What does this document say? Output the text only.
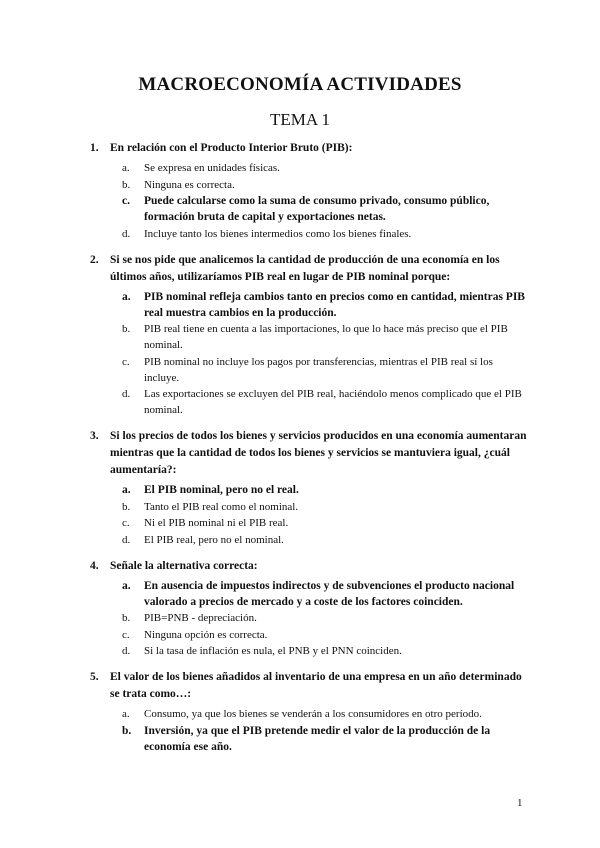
MACROECONOMÍA ACTIVIDADES
TEMA 1
1. En relación con el Producto Interior Bruto (PIB):
a.	Se expresa en unidades físicas.
b.	Ninguna es correcta.
c.	Puede calcularse como la suma de consumo privado, consumo público, formación bruta de capital y exportaciones netas.
d.	Incluye tanto los bienes intermedios como los bienes finales.
2. Si se nos pide que analicemos la cantidad de producción de una economía en los últimos años, utilizaríamos PIB real en lugar de PIB nominal porque:
a.	PIB nominal refleja cambios tanto en precios como en cantidad, mientras PIB real muestra cambios en la producción.
b.	PIB real tiene en cuenta a las importaciones, lo que lo hace más preciso que el PIB nominal.
c.	PIB nominal no incluye los pagos por transferencias, mientras el PIB real sí los incluye.
d.	Las exportaciones se excluyen del PIB real, haciéndolo menos complicado que el PIB nominal.
3. Si los precios de todos los bienes y servicios producidos en una economía aumentaran mientras que la cantidad de todos los bienes y servicios se mantuviera igual, ¿cuál aumentaría?:
a.	El PIB nominal, pero no el real.
b.	Tanto el PIB real como el nominal.
c.	Ni el PIB nominal ni el PIB real.
d.	El PIB real, pero no el nominal.
4. Señale la alternativa correcta:
a.	En ausencia de impuestos indirectos y de subvenciones el producto nacional valorado a precios de mercado y a coste de los factores coinciden.
b.	PIB=PNB - depreciación.
c.	Ninguna opción es correcta.
d.	Si la tasa de inflación es nula, el PNB y el PNN coinciden.
5. El valor de los bienes añadidos al inventario de una empresa en un año determinado se trata como…:
a.	Consumo, ya que los bienes se venderán a los consumidores en otro período.
b.	Inversión, ya que el PIB pretende medir el valor de la producción de la economía ese año.
1
